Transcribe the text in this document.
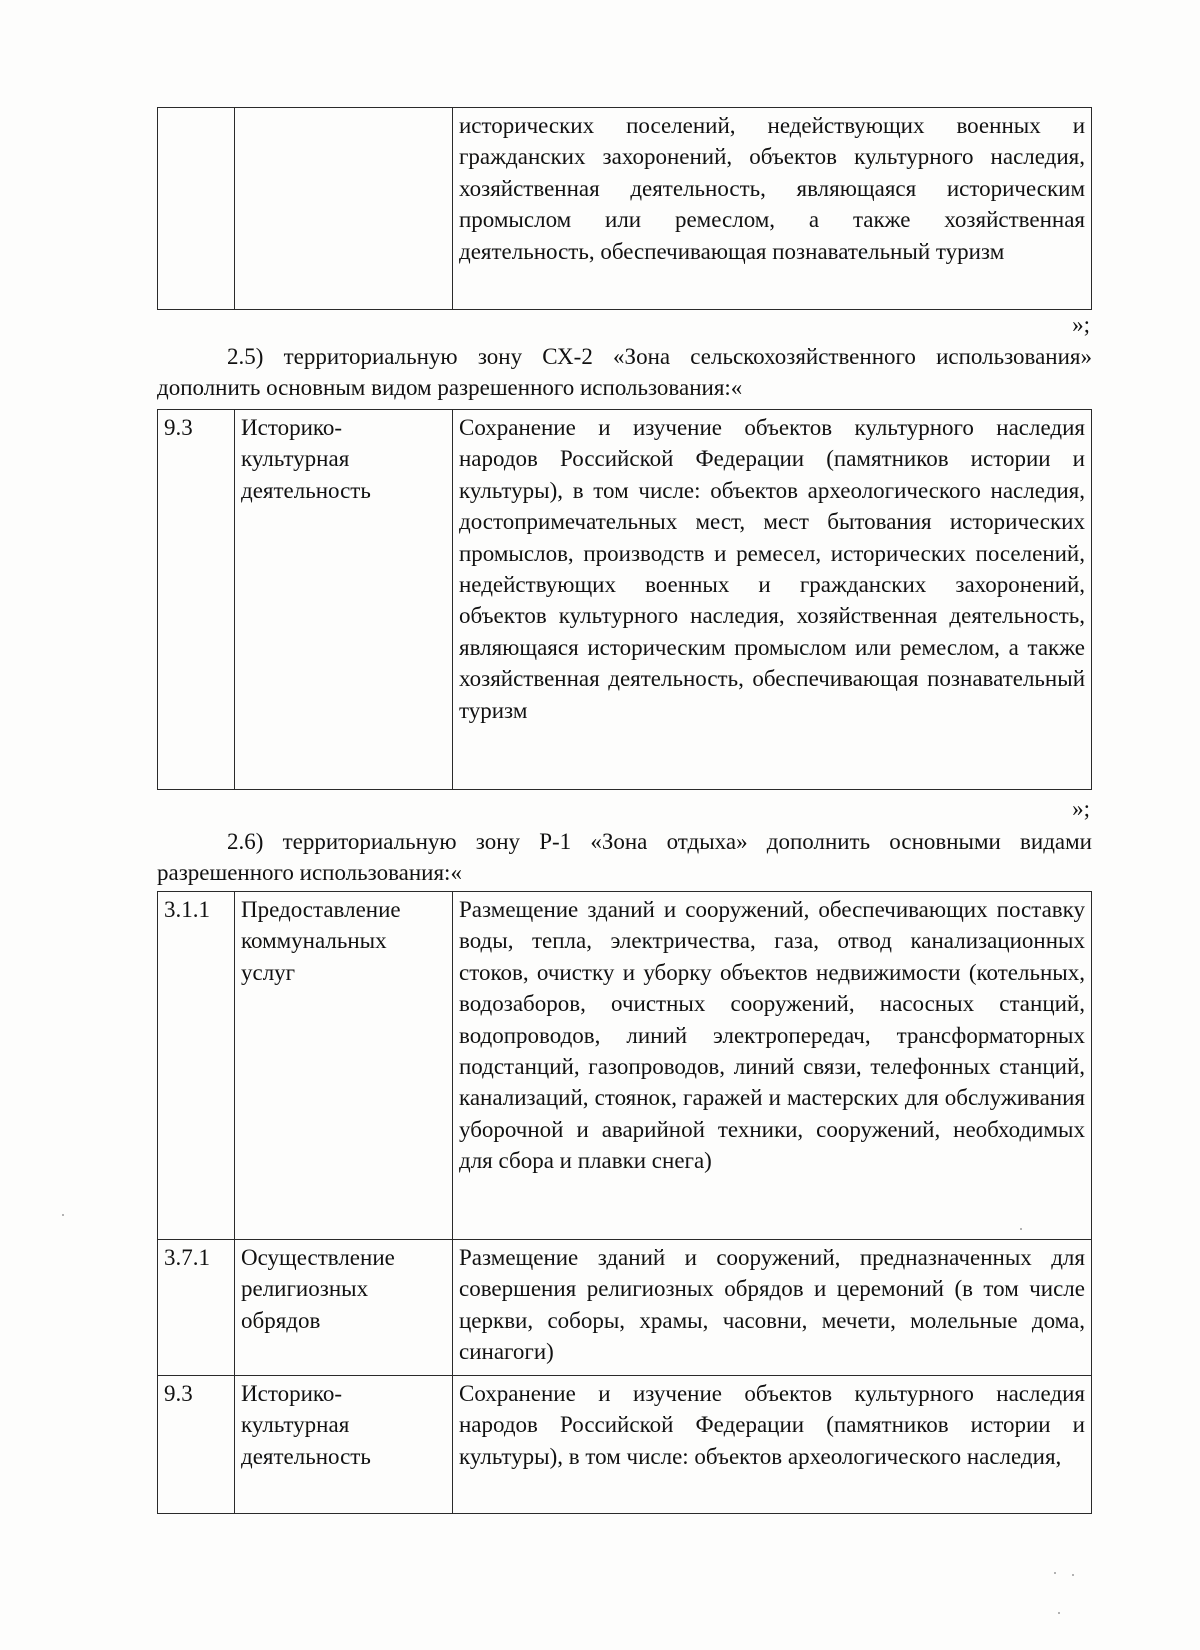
		исторических поселений, недействующих военных и гражданских захоронений, объектов культурного наследия, хозяйственная деятельность, являющаяся историческим промыслом или ремеслом, а также хозяйственная деятельность, обеспечивающая познавательный туризм
»;
2.5) территориальную зону СХ-2 «Зона сельскохозяйственного использования» дополнить основным видом разрешенного использования:«
9.3	Историко-культурная деятельность	Сохранение и изучение объектов культурного наследия народов Российской Федерации (памятников истории и культуры), в том числе: объектов археологического наследия, достопримечательных мест, мест бытования исторических промыслов, производств и ремесел, исторических поселений, недействующих военных и гражданских захоронений, объектов культурного наследия, хозяйственная деятельность, являющаяся историческим промыслом или ремеслом, а также хозяйственная деятельность, обеспечивающая познавательный туризм
»;
2.6) территориальную зону Р-1 «Зона отдыха» дополнить основными видами разрешенного использования:«
3.1.1	Предоставление коммунальных услуг	Размещение зданий и сооружений, обеспечивающих поставку воды, тепла, электричества, газа, отвод канализационных стоков, очистку и уборку объектов недвижимости (котельных, водозаборов, очистных сооружений, насосных станций, водопроводов, линий электропередач, трансформаторных подстанций, газопроводов, линий связи, телефонных станций, канализаций, стоянок, гаражей и мастерских для обслуживания уборочной и аварийной техники, сооружений, необходимых для сбора и плавки снега)
3.7.1	Осуществление религиозных обрядов	Размещение зданий и сооружений, предназначенных для совершения религиозных обрядов и церемоний (в том числе церкви, соборы, храмы, часовни, мечети, молельные дома, синагоги)
9.3	Историко-культурная деятельность	Сохранение и изучение объектов культурного наследия народов Российской Федерации (памятников истории и культуры), в том числе: объектов археологического наследия,
